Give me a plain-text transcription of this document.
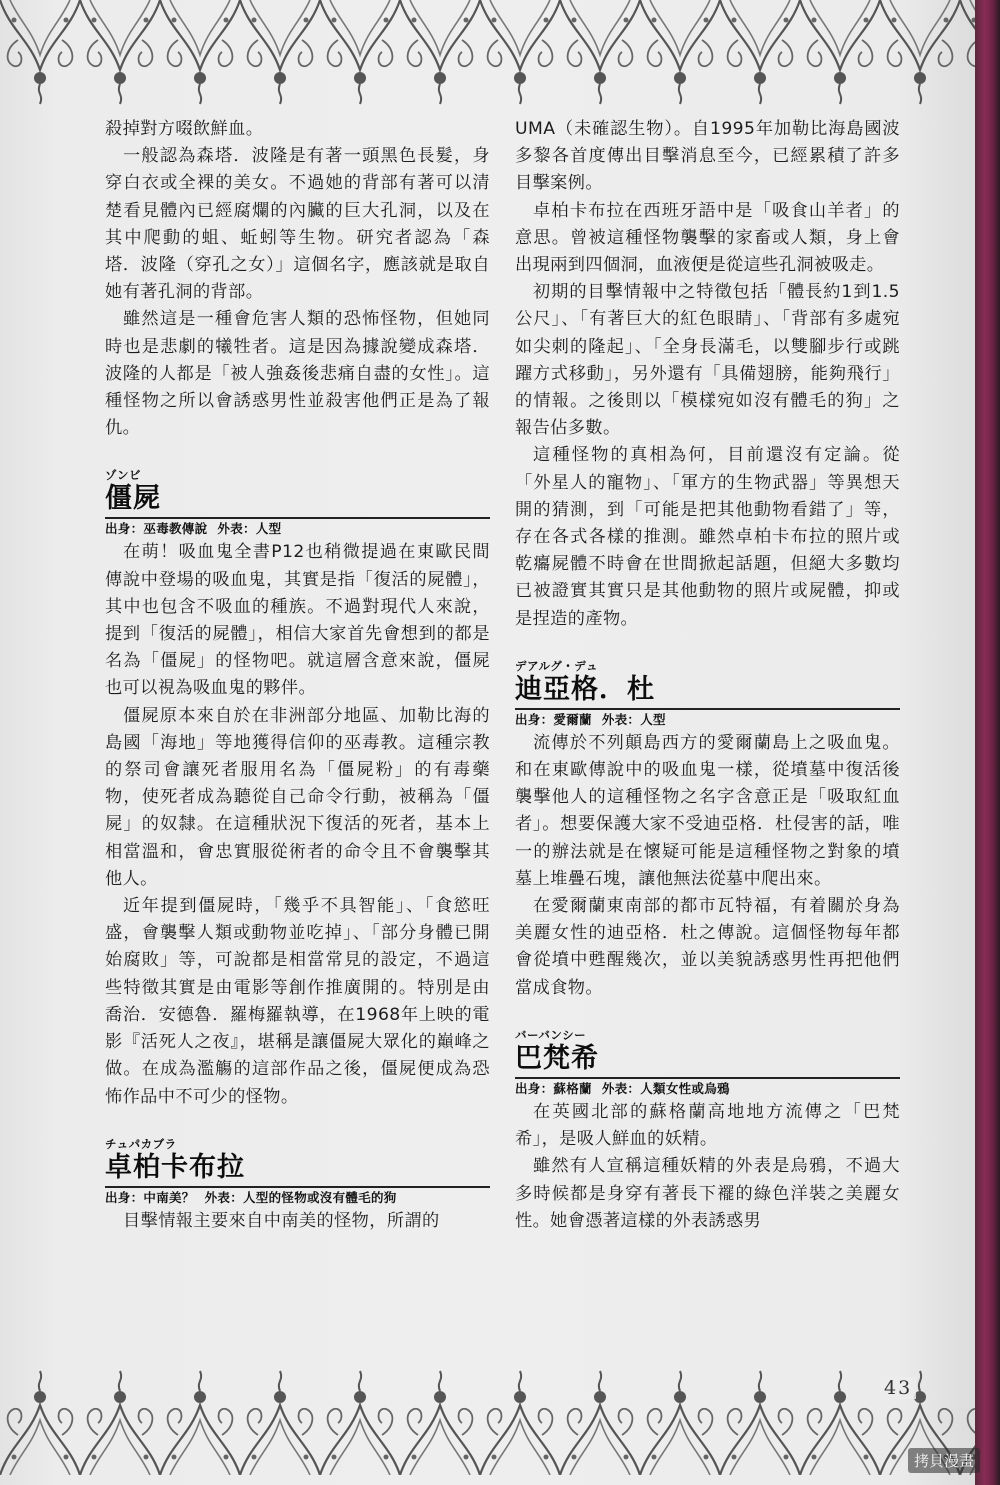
殺掉對方啜飲鮮血。

一般認為森塔．波隆是有著一頭黑色長髮，身穿白衣或全裸的美女。不過她的背部有著可以清楚看見體內已經腐爛的內臟的巨大孔洞，以及在其中爬動的蛆、蚯蚓等生物。研究者認為「森塔．波隆（穿孔之女）」這個名字，應該就是取自她有著孔洞的背部。

雖然這是一種會危害人類的恐怖怪物，但她同時也是悲劇的犧牲者。這是因為據說變成森塔．波隆的人都是「被人強姦後悲痛自盡的女性」。這種怪物之所以會誘惑男性並殺害他們正是為了報仇。

ゾンビ
僵屍
出身：巫毒教傳說 外表：人型

在萌！吸血鬼全書P12也稍微提過在東歐民間傳說中登場的吸血鬼，其實是指「復活的屍體」，其中也包含不吸血的種族。不過對現代人來說，提到「復活的屍體」，相信大家首先會想到的都是名為「僵屍」的怪物吧。就這層含意來說，僵屍也可以視為吸血鬼的夥伴。

僵屍原本來自於在非洲部分地區、加勒比海的島國「海地」等地獲得信仰的巫毒教。這種宗教的祭司會讓死者服用名為「僵屍粉」的有毒藥物，使死者成為聽從自己命令行動，被稱為「僵屍」的奴隸。在這種狀況下復活的死者，基本上相當溫和，會忠實服從術者的命令且不會襲擊其他人。

近年提到僵屍時，「幾乎不具智能」、「食慾旺盛，會襲擊人類或動物並吃掉」、「部分身體已開始腐敗」等，可說都是相當常見的設定，不過這些特徵其實是由電影等創作推廣開的。特別是由喬治．安德魯．羅梅羅執導，在1968年上映的電影『活死人之夜』，堪稱是讓僵屍大眾化的巔峰之做。在成為濫觴的這部作品之後，僵屍便成為恐怖作品中不可少的怪物。

チュパカブラ
卓柏卡布拉
出身：中南美？ 外表：人型的怪物或沒有體毛的狗

目擊情報主要來自中南美的怪物，所謂的

UMA（未確認生物）。自1995年加勒比海島國波多黎各首度傳出目擊消息至今，已經累積了許多目擊案例。

卓柏卡布拉在西班牙語中是「吸食山羊者」的意思。曾被這種怪物襲擊的家畜或人類，身上會出現兩到四個洞，血液便是從這些孔洞被吸走。

初期的目擊情報中之特徵包括「體長約1到1.5公尺」、「有著巨大的紅色眼睛」、「背部有多處宛如尖刺的隆起」、「全身長滿毛，以雙腳步行或跳躍方式移動」，另外還有「具備翅膀，能夠飛行」的情報。之後則以「模樣宛如沒有體毛的狗」之報告佔多數。

這種怪物的真相為何，目前還沒有定論。從「外星人的寵物」、「軍方的生物武器」等異想天開的猜測，到「可能是把其他動物看錯了」等，存在各式各樣的推測。雖然卓柏卡布拉的照片或乾癟屍體不時會在世間掀起話題，但絕大多數均已被證實其實只是其他動物的照片或屍體，抑或是捏造的產物。

デアルグ・デュ
迪亞格．杜
出身：愛爾蘭 外表：人型

流傳於不列顛島西方的愛爾蘭島上之吸血鬼。和在東歐傳說中的吸血鬼一樣，從墳墓中復活後襲擊他人的這種怪物之名字含意正是「吸取紅血者」。想要保護大家不受迪亞格．杜侵害的話，唯一的辦法就是在懷疑可能是這種怪物之對象的墳墓上堆疊石塊，讓他無法從墓中爬出來。

在愛爾蘭東南部的都市瓦特福，有着關於身為美麗女性的迪亞格．杜之傳說。這個怪物每年都會從墳中甦醒幾次，並以美貌誘惑男性再把他們當成食物。

バーバンシー
巴梵希
出身：蘇格蘭 外表：人類女性或烏鴉

在英國北部的蘇格蘭高地地方流傳之「巴梵希」，是吸人鮮血的妖精。

雖然有人宣稱這種妖精的外表是烏鴉，不過大多時候都是身穿有著長下襬的綠色洋裝之美麗女性。她會憑著這樣的外表誘惑男

43
拷貝漫畫
